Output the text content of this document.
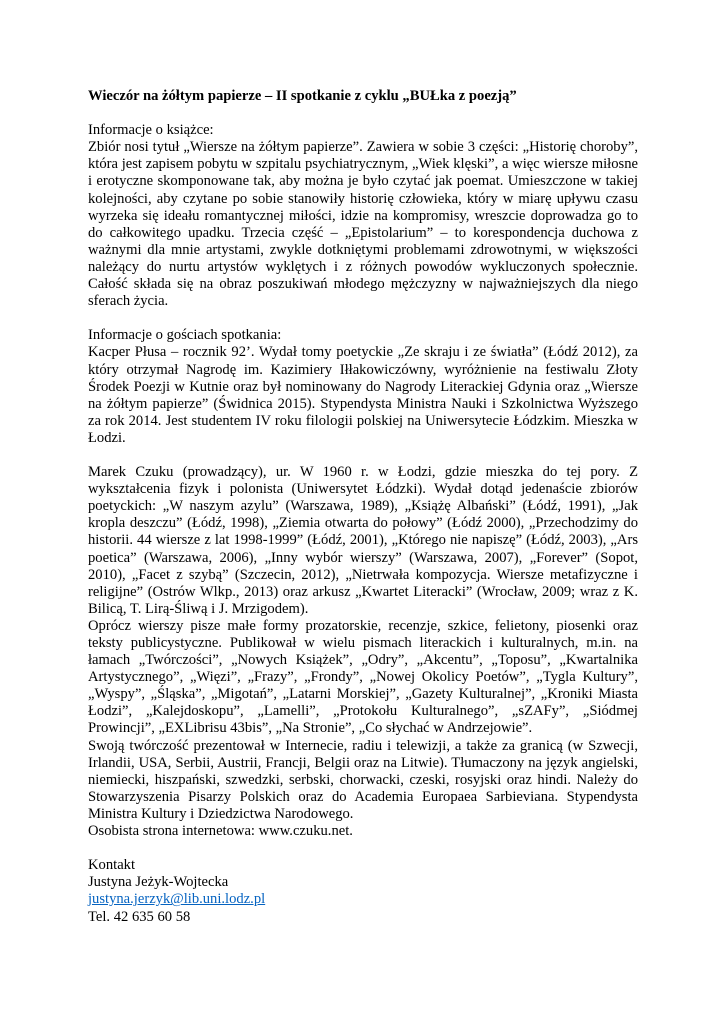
Wieczór na żółtym papierze – II spotkanie z cyklu „BUŁka z poezją”

Informacje o książce:

Zbiór nosi tytuł „Wiersze na żółtym papierze”. Zawiera w sobie 3 części: „Historię choroby”, która jest zapisem pobytu w szpitalu psychiatrycznym, „Wiek klęski”, a więc wiersze miłosne i erotyczne skomponowane tak, aby można je było czytać jak poemat. Umieszczone w takiej kolejności, aby czytane po sobie stanowiły historię człowieka, który w miarę upływu czasu wyrzeka się ideału romantycznej miłości, idzie na kompromisy, wreszcie doprowadza go to do całkowitego upadku. Trzecia część – „Epistolarium” – to korespondencja duchowa z ważnymi dla mnie artystami, zwykle dotkniętymi problemami zdrowotnymi, w większości należący do nurtu artystów wyklętych i z różnych powodów wykluczonych społecznie. Całość składa się na obraz poszukiwań młodego mężczyzny w najważniejszych dla niego sferach życia.

Informacje o gościach spotkania:

Kacper Płusa – rocznik 92’. Wydał tomy poetyckie „Ze skraju i ze światła” (Łódź 2012), za który otrzymał Nagrodę im. Kazimiery Iłłakowiczówny, wyróżnienie na festiwalu Złoty Środek Poezji w Kutnie oraz był nominowany do Nagrody Literackiej Gdynia oraz „Wiersze na żółtym papierze” (Świdnica 2015). Stypendysta Ministra Nauki i Szkolnictwa Wyższego za rok 2014. Jest studentem IV roku filologii polskiej na Uniwersytecie Łódzkim. Mieszka w Łodzi.

Marek Czuku (prowadzący), ur. W 1960 r. w Łodzi, gdzie mieszka do tej pory. Z wykształcenia fizyk i polonista (Uniwersytet Łódzki). Wydał dotąd jedenaście zbiorów poetyckich: „W naszym azylu” (Warszawa, 1989), „Książę Albański” (Łódź, 1991), „Jak kropla deszczu” (Łódź, 1998), „Ziemia otwarta do połowy” (Łódź 2000), „Przechodzimy do historii. 44 wiersze z lat 1998-1999” (Łódź, 2001), „Którego nie napiszę” (Łódź, 2003), „Ars poetica” (Warszawa, 2006), „Inny wybór wierszy” (Warszawa, 2007), „Forever” (Sopot, 2010), „Facet z szybą” (Szczecin, 2012), „Nietrwała kompozycja. Wiersze metafizyczne i religijne” (Ostrów Wlkp., 2013) oraz arkusz „Kwartet Literacki” (Wrocław, 2009; wraz z K. Bilicą, T. Lirą-Śliwą i J. Mrzigodem).

Oprócz wierszy pisze małe formy prozatorskie, recenzje, szkice, felietony, piosenki oraz teksty publicystyczne. Publikował w wielu pismach literackich i kulturalnych, m.in. na łamach „Twórczości”, „Nowych Książek”, „Odry”, „Akcentu”, „Toposu”, „Kwartalnika Artystycznego”, „Więzi”, „Frazy”, „Frondy”, „Nowej Okolicy Poetów”, „Tygla Kultury”, „Wyspy”, „Śląska”, „Migotań”, „Latarni Morskiej”, „Gazety Kulturalnej”, „Kroniki Miasta Łodzi”, „Kalejdoskopu”, „Lamelli”, „Protokołu Kulturalnego”, „sZAFy”, „Siódmej Prowincji”, „EXLibrisu 43bis”, „Na Stronie”, „Co słychać w Andrzejowie”.

Swoją twórczość prezentował w Internecie, radiu i telewizji, a także za granicą (w Szwecji, Irlandii, USA, Serbii, Austrii, Francji, Belgii oraz na Litwie). Tłumaczony na język angielski, niemiecki, hiszpański, szwedzki, serbski, chorwacki, czeski, rosyjski oraz hindi. Należy do Stowarzyszenia Pisarzy Polskich oraz do Academia Europaea Sarbieviana. Stypendysta Ministra Kultury i Dziedzictwa Narodowego.

Osobista strona internetowa: www.czuku.net.

Kontakt

Justyna Jeżyk-Wojtecka

justyna.jerzyk@lib.uni.lodz.pl

Tel. 42 635 60 58
